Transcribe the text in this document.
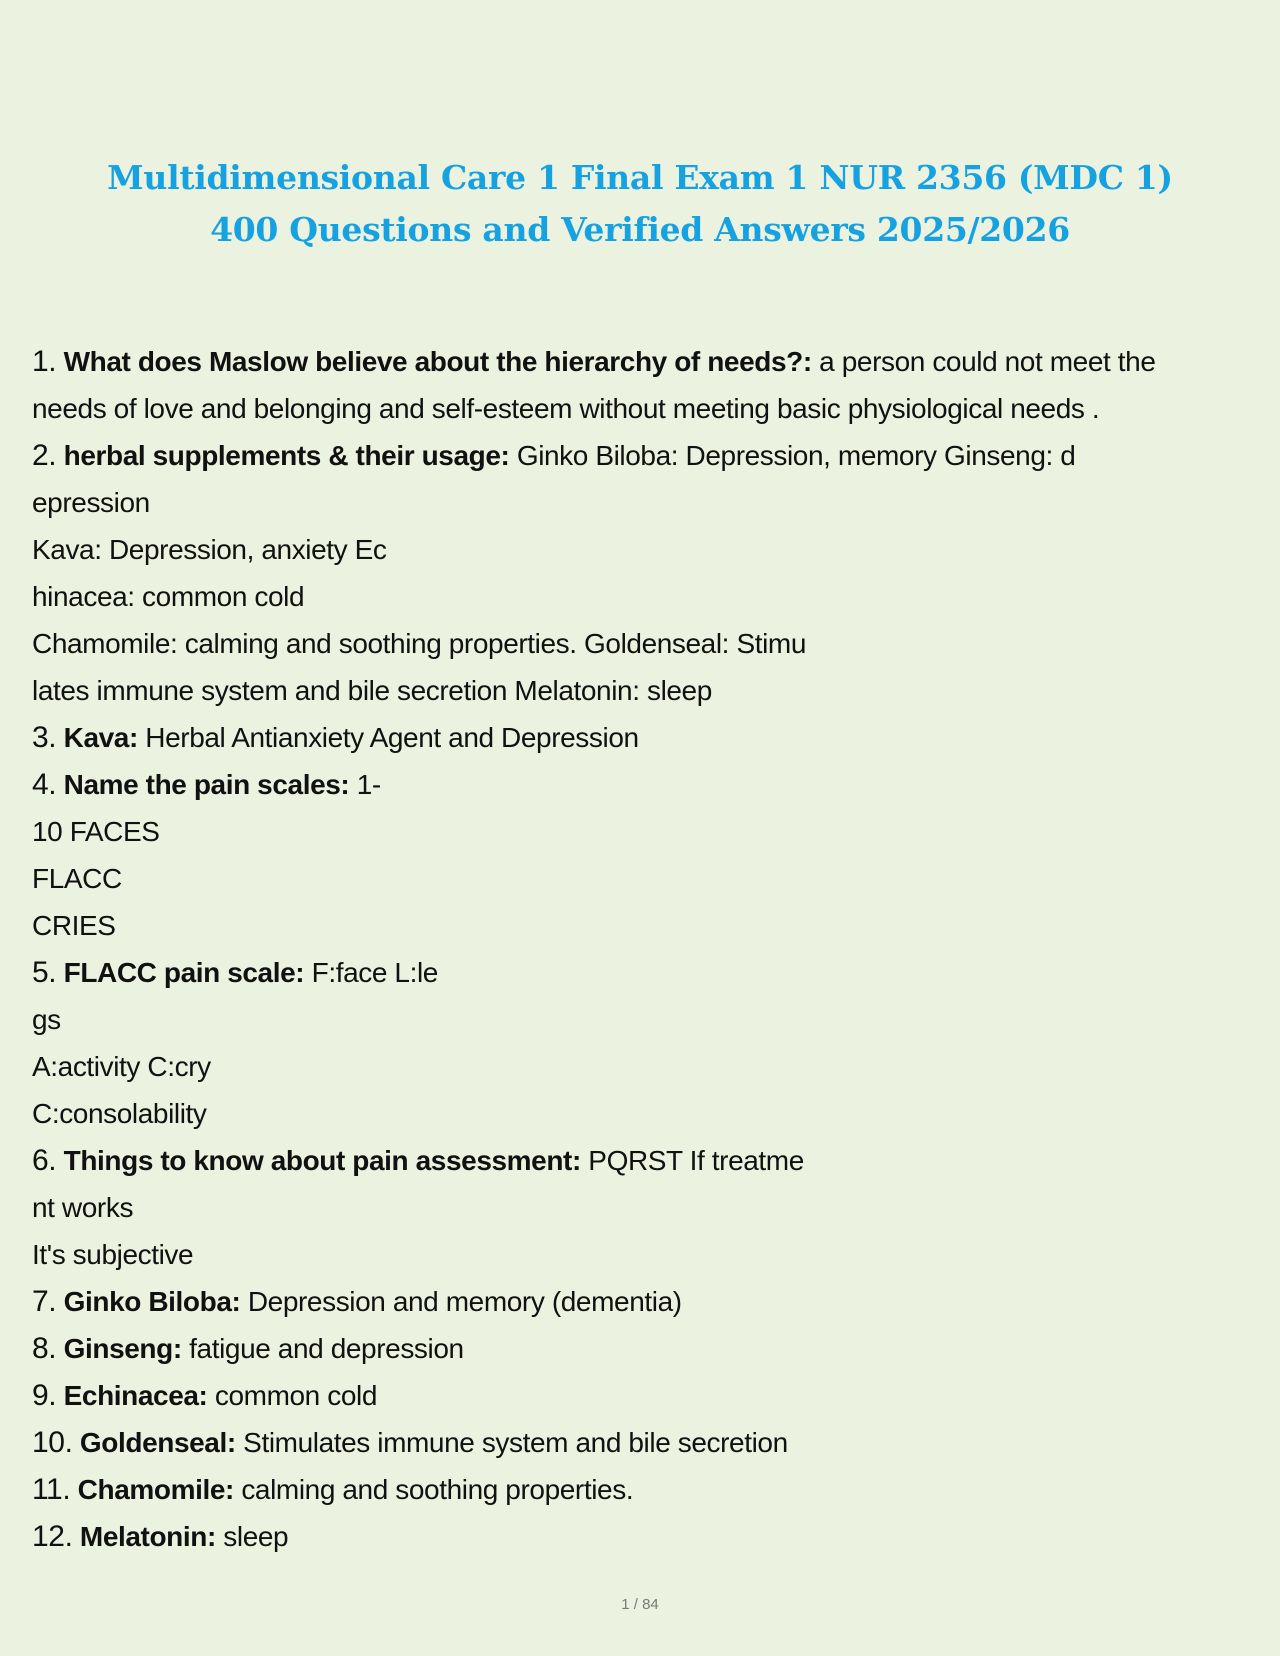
Multidimensional Care 1 Final Exam 1 NUR 2356 (MDC 1)
400 Questions and Verified Answers 2025/2026
1. What does Maslow believe about the hierarchy of needs?: a person could not meet the
needs of love and belonging and self-esteem without meeting basic physiological needs .
2. herbal supplements & their usage: Ginko Biloba: Depression, memory Ginseng: d
epression
Kava: Depression, anxiety Ec
hinacea: common cold
Chamomile: calming and soothing properties. Goldenseal: Stimu
lates immune system and bile secretion Melatonin: sleep
3. Kava: Herbal Antianxiety Agent and Depression
4. Name the pain scales: 1-
10 FACES
FLACC
CRIES
5. FLACC pain scale: F:face L:le
gs
A:activity C:cry
C:consolability
6. Things to know about pain assessment: PQRST If treatme
nt works
It's subjective
7. Ginko Biloba: Depression and memory (dementia)
8. Ginseng: fatigue and depression
9. Echinacea: common cold
10. Goldenseal: Stimulates immune system and bile secretion
11. Chamomile: calming and soothing properties.
12. Melatonin: sleep
1 / 84
